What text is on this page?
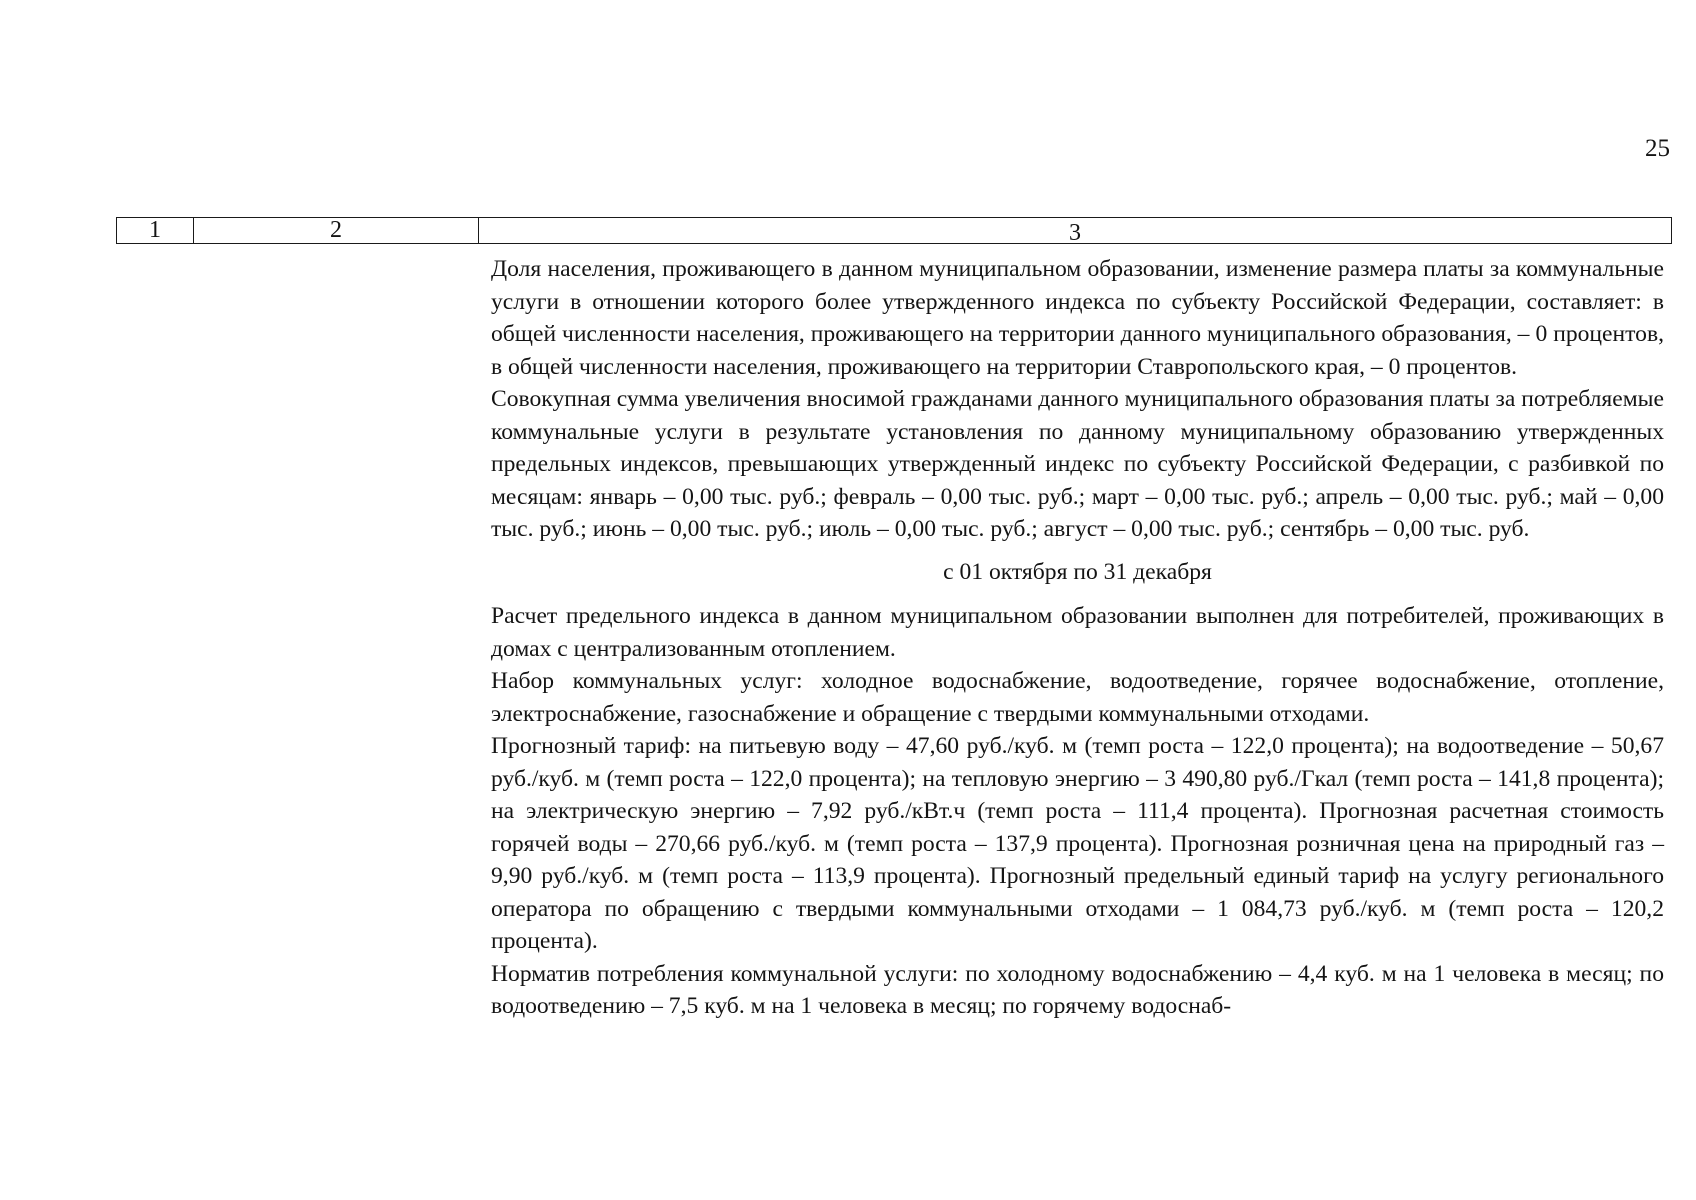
25
1	2	3

Доля населения, проживающего в данном муниципальном образовании, изменение размера платы за коммунальные услуги в отношении которого более утвержденного индекса по субъекту Российской Федерации, составляет: в общей численности населения, проживающего на территории данного муниципального образования, – 0 процентов, в общей численности населения, проживающего на территории Ставропольского края, – 0 процентов.

Совокупная сумма увеличения вносимой гражданами данного муниципального образования платы за потребляемые коммунальные услуги в результате установления по данному муниципальному образованию утвержденных предельных индексов, превышающих утвержденный индекс по субъекту Российской Федерации, с разбивкой по месяцам: январь – 0,00 тыс. руб.; февраль – 0,00 тыс. руб.; март – 0,00 тыс. руб.; апрель – 0,00 тыс. руб.; май – 0,00 тыс. руб.; июнь – 0,00 тыс. руб.; июль – 0,00 тыс. руб.; август – 0,00 тыс. руб.; сентябрь – 0,00 тыс. руб.

с 01 октября по 31 декабря

Расчет предельного индекса в данном муниципальном образовании выполнен для потребителей, проживающих в домах с централизованным отоплением.

Набор коммунальных услуг: холодное водоснабжение, водоотведение, горячее водоснабжение, отопление, электроснабжение, газоснабжение и обращение с твердыми коммунальными отходами.

Прогнозный тариф: на питьевую воду – 47,60 руб./куб. м (темп роста – 122,0 процента); на водоотведение – 50,67 руб./куб. м (темп роста – 122,0 процента); на тепловую энергию – 3 490,80 руб./Гкал (темп роста – 141,8 процента); на электрическую энергию – 7,92 руб./кВт.ч (темп роста – 111,4 процента). Прогнозная расчетная стоимость горячей воды – 270,66 руб./куб. м (темп роста – 137,9 процента). Прогнозная розничная цена на природный газ – 9,90 руб./куб. м (темп роста – 113,9 процента). Прогнозный предельный единый тариф на услугу регионального оператора по обращению с твердыми коммунальными отходами – 1 084,73 руб./куб. м (темп роста – 120,2 процента).

Норматив потребления коммунальной услуги: по холодному водоснабжению – 4,4 куб. м на 1 человека в месяц; по водоотведению – 7,5 куб. м на 1 человека в месяц; по горячему водоснаб-
